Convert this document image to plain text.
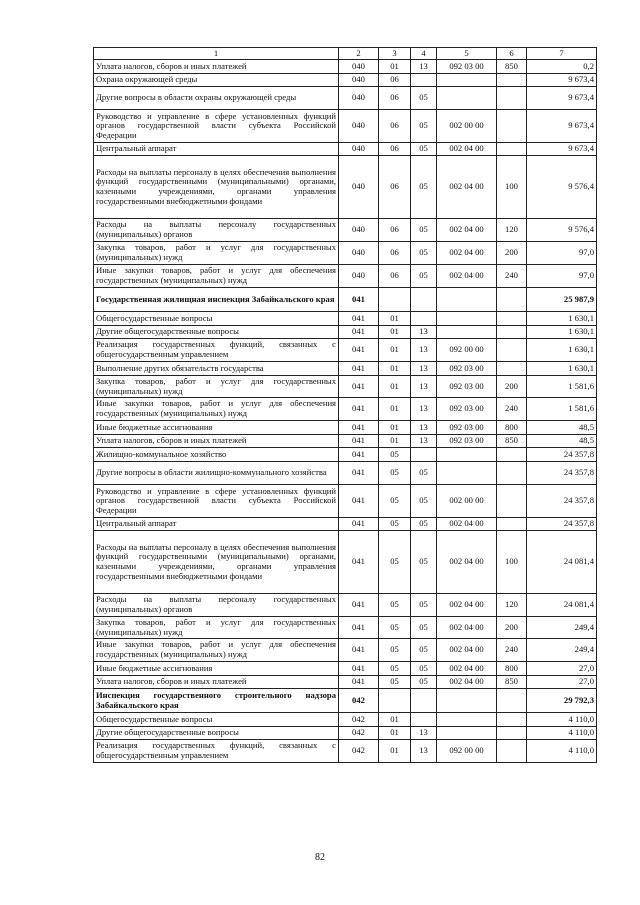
1	2	3	4	5	6	7
Уплата налогов, сборов и иных платежей	040	01	13	092 03 00	850	0,2
Охрана окружающей среды	040	06				9 673,4
Другие вопросы в области охраны окружающей среды	040	06	05			9 673,4
Руководство и управление в сфере установленных функций органов государственной власти субъекта Российской Федерации	040	06	05	002 00 00		9 673,4
Центральный аппарат	040	06	05	002 04 00		9 673,4
Расходы на выплаты персоналу в целях обеспечения выполнения функций государственными (муниципальными) органами, казенными учреждениями, органами управления государственными внебюджетными фондами	040	06	05	002 04 00	100	9 576,4
Расходы на выплаты персоналу государственных (муниципальных) органов	040	06	05	002 04 00	120	9 576,4
Закупка товаров, работ и услуг для государственных (муниципальных) нужд	040	06	05	002 04 00	200	97,0
Иные закупки товаров, работ и услуг для обеспечения государственных (муниципальных) нужд	040	06	05	002 04 00	240	97,0
Государственная жилищная инспекция Забайкальского края	041					25 987,9
Общегосударственные вопросы	041	01				1 630,1
Другие общегосударственные вопросы	041	01	13			1 630,1
Реализация государственных функций, связанных с общегосударственным управлением	041	01	13	092 00 00		1 630,1
Выполнение других обязательств государства	041	01	13	092 03 00		1 630,1
Закупка товаров, работ и услуг для государственных (муниципальных) нужд	041	01	13	092 03 00	200	1 581,6
Иные закупки товаров, работ и услуг для обеспечения государственных (муниципальных) нужд	041	01	13	092 03 00	240	1 581,6
Иные бюджетные ассигнования	041	01	13	092 03 00	800	48,5
Уплата налогов, сборов и иных платежей	041	01	13	092 03 00	850	48,5
Жилищно-коммунальное хозяйство	041	05				24 357,8
Другие вопросы в области жилищно-коммунального хозяйства	041	05	05			24 357,8
Руководство и управление в сфере установленных функций органов государственной власти субъекта Российской Федерации	041	05	05	002 00 00		24 357,8
Центральный аппарат	041	05	05	002 04 00		24 357,8
Расходы на выплаты персоналу в целях обеспечения выполнения функций государственными (муниципальными) органами, казенными учреждениями, органами управления государственными внебюджетными фондами	041	05	05	002 04 00	100	24 081,4
Расходы на выплаты персоналу государственных (муниципальных) органов	041	05	05	002 04 00	120	24 081,4
Закупка товаров, работ и услуг для государственных (муниципальных) нужд	041	05	05	002 04 00	200	249,4
Иные закупки товаров, работ и услуг для обеспечения государственных (муниципальных) нужд	041	05	05	002 04 00	240	249,4
Иные бюджетные ассигнования	041	05	05	002 04 00	800	27,0
Уплата налогов, сборов и иных платежей	041	05	05	002 04 00	850	27,0
Инспекция государственного строительного надзора Забайкальского края	042					29 792,3
Общегосударственные вопросы	042	01				4 110,0
Другие общегосударственные вопросы	042	01	13			4 110,0
Реализация государственных функций, связанных с общегосударственным управлением	042	01	13	092 00 00		4 110,0
82
